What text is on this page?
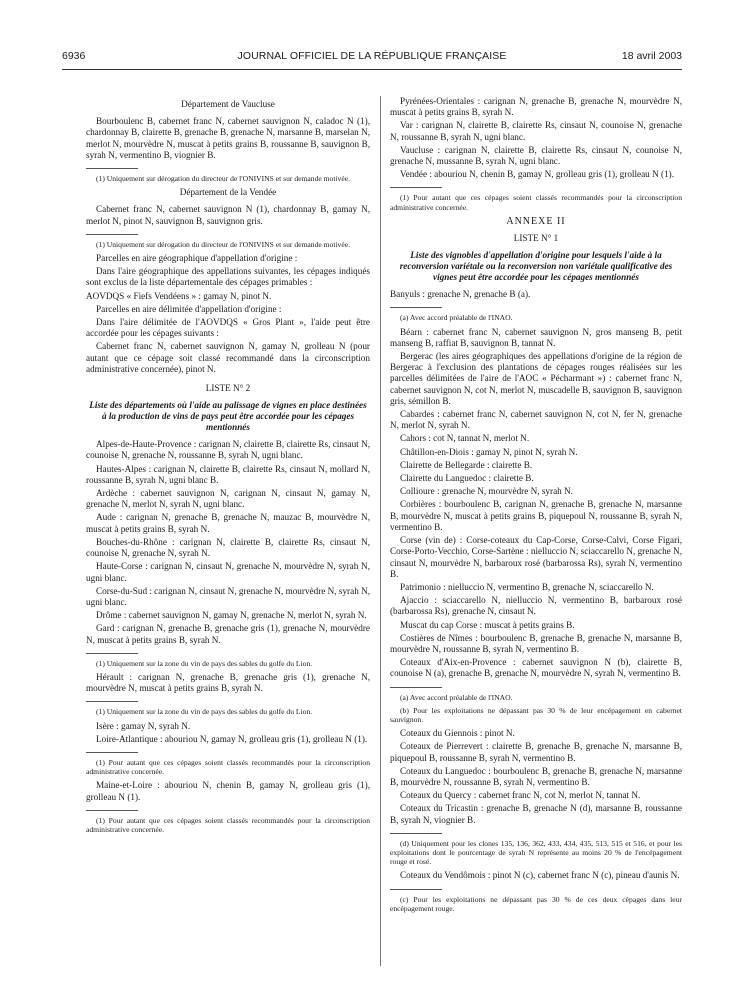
6936	JOURNAL OFFICIEL DE LA RÉPUBLIQUE FRANÇAISE	18 avril 2003

Département de Vaucluse

Bourboulenc B, cabernet franc N, cabernet sauvignon N, caladoc N (1), chardonnay B, clairette B, grenache B, grenache N, marsanne B, marselan N, merlot N, mourvèdre N, muscat à petits grains B, roussanne B, sauvignon B, syrah N, vermentino B, viognier B.

(1) Uniquement sur dérogation du directeur de l'ONIVINS et sur demande motivée.

Département de la Vendée

Cabernet franc N, cabernet sauvignon N (1), chardonnay B, gamay N, merlot N, pinot N, sauvignon B, sauvignon gris.

(1) Uniquement sur dérogation du directeur de l'ONIVINS et sur demande motivée.

Parcelles en aire géographique d'appellation d'origine :

Dans l'aire géographique des appellations suivantes, les cépages indiqués sont exclus de la liste départementale des cépages primables :

AOVDQS « Fiefs Vendéens » : gamay N, pinot N.

Parcelles en aire délimitée d'appellation d'origine :

Dans l'aire délimitée de l'AOVDQS « Gros Plant », l'aide peut être accordée pour les cépages suivants :

Cabernet franc N, cabernet sauvignon N, gamay N, grolleau N (pour autant que ce cépage soit classé recommandé dans la circonscription administrative concernée), pinot N.

LISTE N° 2

Liste des départements où l'aide au palissage de vignes en place destinées à la production de vins de pays peut être accordée pour les cépages mentionnés

Alpes-de-Haute-Provence : carignan N, clairette B, clairette Rs, cinsaut N, counoise N, grenache N, roussanne B, syrah N, ugni blanc.

Hautes-Alpes : carignan N, clairette B, clairette Rs, cinsaut N, mollard N, roussanne B, syrah N, ugni blanc B.

Ardèche : cabernet sauvignon N, carignan N, cinsaut N, gamay N, grenache N, merlot N, syrah N, ugni blanc.

Aude : carignan N, grenache B, grenache N, mauzac B, mourvèdre N, muscat à petits grains B, syrah N.

Bouches-du-Rhône : carignan N, clairette B, clairette Rs, cinsaut N, counoise N, grenache N, syrah N.

Haute-Corse : carignan N, cinsaut N, grenache N, mourvèdre N, syrah N, ugni blanc.

Corse-du-Sud : carignan N, cinsaut N, grenache N, mourvèdre N, syrah N, ugni blanc.

Drôme : cabernet sauvignon N, gamay N, grenache N, merlot N, syrah N.

Gard : carignan N, grenache B, grenache gris (1), grenache N, mourvèdre N, muscat à petits grains B, syrah N.

(1) Uniquement sur la zone du vin de pays des sables du golfe du Lion.

Hérault : carignan N, grenache B, grenache gris (1), grenache N, mourvèdre N, muscat à petits grains B, syrah N.

(1) Uniquement sur la zone du vin de pays des sables du golfe du Lion.

Isère : gamay N, syrah N.

Loire-Atlantique : abouriou N, gamay N, grolleau gris (1), grolleau N (1).

(1) Pour autant que ces cépages soient classés recommandés pour la circonscription administrative concernée.

Maine-et-Loire : abouriou N, chenin B, gamay N, grolleau gris (1), grolleau N (1).

(1) Pour autant que ces cépages soient classés recommandés pour la circonscription administrative concernée.

Pyrénées-Orientales : carignan N, grenache B, grenache N, mourvèdre N, muscat à petits grains B, syrah N.

Var : carignan N, clairette B, clairette Rs, cinsaut N, counoise N, grenache N, roussanne B, syrah N, ugni blanc.

Vaucluse : carignan N, clairette B, clairette Rs, cinsaut N, counoise N, grenache N, mussanne B, syrah N, ugni blanc.

Vendée : abouriou N, chenin B, gamay N, grolleau gris (1), grolleau N (1).

(1) Pour autant que ces cépages soient classés recommandés pour la circonscription administrative concernée.

ANNEXE II

LISTE N° 1

Liste des vignobles d'appellation d'origine pour lesquels l'aide à la reconversion variétale ou la reconversion non variétale qualificative des vignes peut être accordée pour les cépages mentionnés

Banyuls : grenache N, grenache B (a).

(a) Avec accord préalable de l'INAO.

Béarn : cabernet franc N, cabernet sauvignon N, gros manseng B, petit manseng B, raffiat B, sauvignon B, tannat N.

Bergerac (les aires géographiques des appellations d'origine de la région de Bergerac à l'exclusion des plantations de cépages rouges réalisées sur les parcelles délimitées de l'aire de l'AOC « Pécharmant ») : cabernet franc N, cabernet sauvignon N, cot N, merlot N, muscadelle B, sauvignon B, sauvignon gris, sémillon B.

Cabardes : cabernet franc N, cabernet sauvignon N, cot N, fer N, grenache N, merlot N, syrah N.

Cahors : cot N, tannat N, merlot N.

Châtillon-en-Diois : gamay N, pinot N, syrah N.

Clairette de Bellegarde : clairette B.

Clairette du Languedoc : clairette B.

Collioure : grenache N, mourvèdre N, syrah N.

Corbières : bourboulenc B, carignan N, grenache B, grenache N, marsanne B, mourvèdre N, muscat à petits grains B, piquepoul N, roussanne B, syrah N, vermentino B.

Corse (vin de) : Corse-coteaux du Cap-Corse, Corse-Calvi, Corse Figari, Corse-Porto-Vecchio, Corse-Sartène : nielluccio N, sciaccarello N, grenache N, cinsaut N, mourvèdre N, barbaroux rosé (barbarossa Rs), syrah N, vermentino B.

Patrimonio : nielluccio N, vermentino B, grenache N, sciaccarello N.

Ajaccio : sciaccarello N, nielluccio N, vermentino B, barbaroux rosé (barbarossa Rs), grenache N, cinsaut N.

Muscat du cap Corse : muscat à petits grains B.

Costières de Nîmes : bourboulenc B, grenache B, grenache N, marsanne B, mourvèdre N, roussanne B, syrah N, vermentino B.

Coteaux d'Aix-en-Provence : cabernet sauvignon N (b), clairette B, counoise N (a), grenache B, grenache N, mourvèdre N, syrah N, vermentino B.

(a) Avec accord préalable de l'INAO.

(b) Pour les exploitations ne dépassant pas 30 % de leur encépagement en cabernet sauvignon.

Coteaux du Giennois : pinot N.

Coteaux de Pierrevert : clairette B, grenache B, grenache N, marsanne B, piquepoul B, roussanne B, syrah N, vermentino B.

Coteaux du Languedoc : bourboulenc B, grenache B, grenache N, marsanne B, mourvèdre N, roussanne B, syrah N, vermentino B.

Coteaux du Quercy : cabernet franc N, cot N, merlot N, tannat N.

Coteaux du Tricastin : grenache B, grenache N (d), marsanne B, roussanne B, syrah N, viognier B.

(d) Uniquement pour les clones 135, 136, 362, 433, 434, 435, 513, 515 et 516, et pour les exploitations dont le pourcentage de syrah N représente au moins 20 % de l'encépagement rouge et rosé.

Coteaux du Vendômois : pinot N (c), cabernet franc N (c), pineau d'aunis N.

(c) Pour les exploitations ne dépassant pas 30 % de ces deux cépages dans leur encépagement rouge.
